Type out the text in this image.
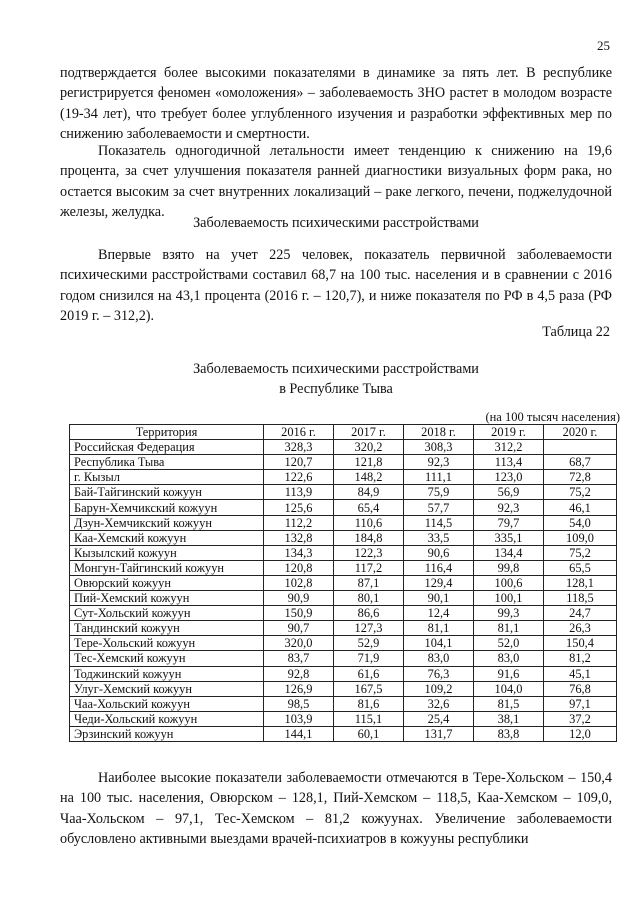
25

подтверждается более высокими показателями в динамике за пять лет. В республике регистрируется феномен «омоложения» – заболеваемость ЗНО растет в молодом возрасте (19-34 лет), что требует более углубленного изучения и разработки эффективных мер по снижению заболеваемости и смертности.

Показатель одногодичной летальности имеет тенденцию к снижению на 19,6 процента, за счет улучшения показателя ранней диагностики визуальных форм рака, но остается высоким за счет внутренних локализаций – раке легкого, печени, поджелудочной железы, желудка.

Заболеваемость психическими расстройствами

Впервые взято на учет 225 человек, показатель первичной заболеваемости психическими расстройствами составил 68,7 на 100 тыс. населения и в сравнении с 2016 годом снизился на 43,1 процента (2016 г. – 120,7), и ниже показателя по РФ в 4,5 раза (РФ 2019 г. – 312,2).

Таблица 22
Заболеваемость психическими расстройствами
в Республике Тыва
(на 100 тысяч населения)
Территория	2016 г.	2017 г.	2018 г.	2019 г.	2020 г.
Российская Федерация	328,3	320,2	308,3	312,2	
Республика Тыва	120,7	121,8	92,3	113,4	68,7
г. Кызыл	122,6	148,2	111,1	123,0	72,8
Бай-Тайгинский кожуун	113,9	84,9	75,9	56,9	75,2
Барун-Хемчикский кожуун	125,6	65,4	57,7	92,3	46,1
Дзун-Хемчикский кожуун	112,2	110,6	114,5	79,7	54,0
Каа-Хемский кожуун	132,8	184,8	33,5	335,1	109,0
Кызылский кожуун	134,3	122,3	90,6	134,4	75,2
Монгун-Тайгинский кожуун	120,8	117,2	116,4	99,8	65,5
Овюрский кожуун	102,8	87,1	129,4	100,6	128,1
Пий-Хемский кожуун	90,9	80,1	90,1	100,1	118,5
Сут-Хольский кожуун	150,9	86,6	12,4	99,3	24,7
Тандинский кожуун	90,7	127,3	81,1	81,1	26,3
Тере-Хольский кожуун	320,0	52,9	104,1	52,0	150,4
Тес-Хемский кожуун	83,7	71,9	83,0	83,0	81,2
Тоджинский кожуун	92,8	61,6	76,3	91,6	45,1
Улуг-Хемский кожуун	126,9	167,5	109,2	104,0	76,8
Чаа-Хольский кожуун	98,5	81,6	32,6	81,5	97,1
Чеди-Хольский кожуун	103,9	115,1	25,4	38,1	37,2
Эрзинский кожуун	144,1	60,1	131,7	83,8	12,0

Наиболее высокие показатели заболеваемости отмечаются в Тере-Хольском – 150,4 на 100 тыс. населения, Овюрском – 128,1, Пий-Хемском – 118,5, Каа-Хемском – 109,0, Чаа-Хольском – 97,1, Тес-Хемском – 81,2 кожуунах. Увеличение заболеваемости обусловлено активными выездами врачей-психиатров в кожууны республики
